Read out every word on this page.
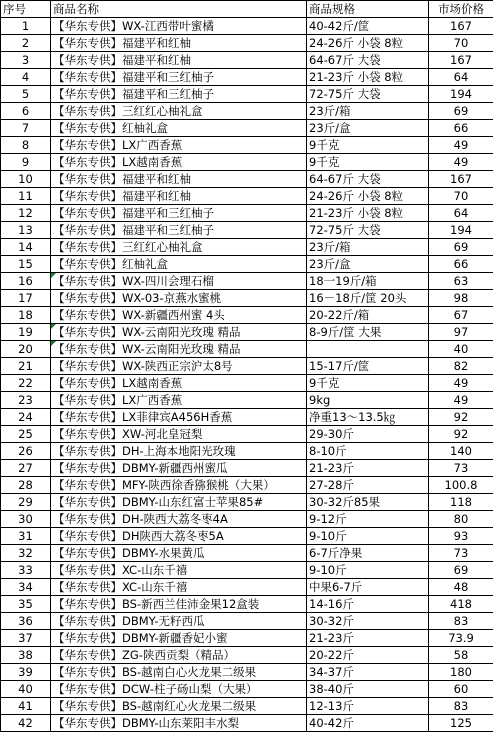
序号	商品名称	商品规格	市场价格
1	【华东专供】WX-江西带叶蜜橘	40-42斤/筐	167
2	【华东专供】福建平和红柚	24-26斤 小袋 8粒	70
3	【华东专供】福建平和红柚	64-67斤 大袋	167
4	【华东专供】福建平和三红柚子	21-23斤 小袋 8粒	64
5	【华东专供】福建平和三红柚子	72-75斤 大袋	194
6	【华东专供】三红红心柚礼盒	23斤/箱	69
7	【华东专供】红柚礼盒	23斤/盒	66
8	【华东专供】LX广西香蕉	9千克	49
9	【华东专供】LX越南香蕉	9千克	49
10	【华东专供】福建平和红柚	64-67斤 大袋	167
11	【华东专供】福建平和红柚	24-26斤 小袋 8粒	70
12	【华东专供】福建平和三红柚子	21-23斤 小袋 8粒	64
13	【华东专供】福建平和三红柚子	72-75斤 大袋	194
14	【华东专供】三红红心柚礼盒	23斤/箱	69
15	【华东专供】红柚礼盒	23斤/盒	66
16	【华东专供】WX-四川会理石榴	18一19斤/箱	63
17	【华东专供】WX-03-京燕水蜜桃	16－18斤/筐 20头	98
18	【华东专供】WX-新疆西州蜜 4头	20-22斤/箱	67
19	【华东专供】WX-云南阳光玫瑰 精品	8-9斤/筐 大果	97
20	【华东专供】WX-云南阳光玫瑰 精品		40
21	【华东专供】WX-陕西正宗沪太8号	15-17斤/筐	82
22	【华东专供】LX越南香蕉	9千克	49
23	【华东专供】LX广西香蕉	9kg	49
24	【华东专供】LX菲律宾A456H香蕉	净重13～13.5㎏	92
25	【华东专供】XW-河北皇冠梨	29-30斤	92
26	【华东专供】DH-上海本地阳光玫瑰	8-10斤	140
27	【华东专供】DBMY-新疆西州蜜瓜	21-23斤	73
28	【华东专供】MFY-陕西徐香猕猴桃（大果）	27-28斤	100.8
29	【华东专供】DBMY-山东红富士苹果85#	30-32斤85果	118
30	【华东专供】DH-陕西大荔冬枣4A	9-12斤	80
31	【华东专供】DH陕西大荔冬枣5A	9-10斤	93
32	【华东专供】DBMY-水果黄瓜	6-7斤净果	73
33	【华东专供】XC-山东千禧	9-10斤	69
34	【华东专供】XC-山东千禧	中果6-7斤	48
35	【华东专供】BS-新西兰佳沛金果12盒装	14-16斤	418
36	【华东专供】DBMY-无籽西瓜	30-32斤	83
37	【华东专供】DBMY-新疆香妃小蜜	21-23斤	73.9
38	【华东专供】ZG-陕西贡梨（精品）	20-22斤	58
39	【华东专供】BS-越南白心火龙果二级果	34-37斤	180
40	【华东专供】DCW-柱子砀山梨（大果）	38-40斤	60
41	【华东专供】BS-越南红心火龙果二级果	12-13斤	83
42	【华东专供】DBMY-山东莱阳丰水梨	40-42斤	125
